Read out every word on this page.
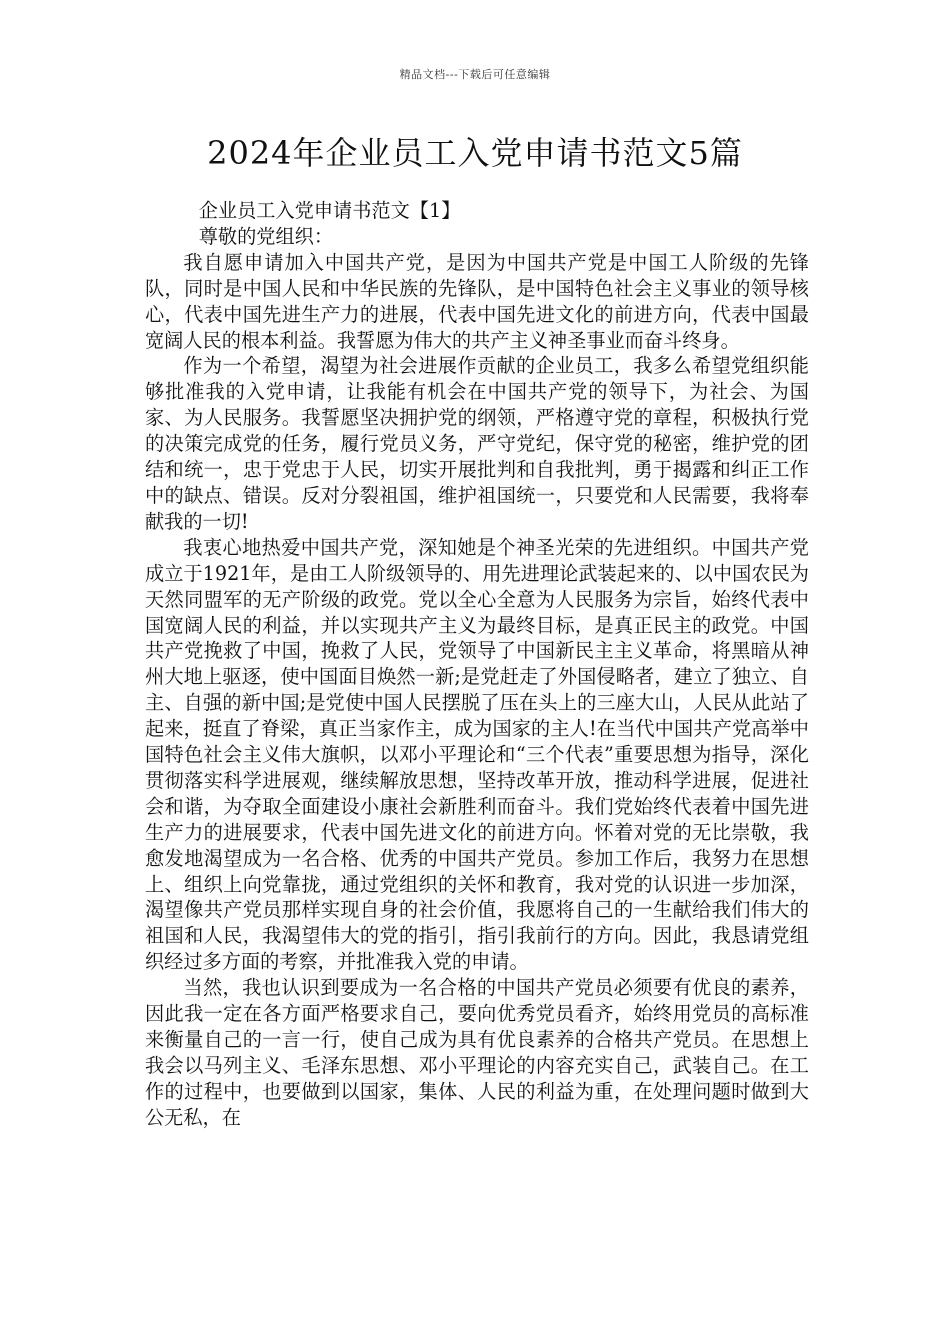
精品文档---下载后可任意编辑
2024年企业员工入党申请书范文5篇

企业员工入党申请书范文【1】

尊敬的党组织：

我自愿申请加入中国共产党，是因为中国共产党是中国工人阶级的先锋队，同时是中国人民和中华民族的先锋队，是中国特色社会主义事业的领导核心，代表中国先进生产力的进展，代表中国先进文化的前进方向，代表中国最宽阔人民的根本利益。我誓愿为伟大的共产主义神圣事业而奋斗终身。

作为一个希望，渴望为社会进展作贡献的企业员工，我多么希望党组织能够批准我的入党申请，让我能有机会在中国共产党的领导下，为社会、为国家、为人民服务。我誓愿坚决拥护党的纲领，严格遵守党的章程，积极执行党的决策完成党的任务，履行党员义务，严守党纪，保守党的秘密，维护党的团结和统一，忠于党忠于人民，切实开展批判和自我批判，勇于揭露和纠正工作中的缺点、错误。反对分裂祖国，维护祖国统一，只要党和人民需要，我将奉献我的一切!

我衷心地热爱中国共产党，深知她是个神圣光荣的先进组织。中国共产党成立于1921年，是由工人阶级领导的、用先进理论武装起来的、以中国农民为天然同盟军的无产阶级的政党。党以全心全意为人民服务为宗旨，始终代表中国宽阔人民的利益，并以实现共产主义为最终目标，是真正民主的政党。中国共产党挽救了中国，挽救了人民，党领导了中国新民主主义革命，将黑暗从神州大地上驱逐，使中国面目焕然一新;是党赶走了外国侵略者，建立了独立、自主、自强的新中国;是党使中国人民摆脱了压在头上的三座大山，人民从此站了起来，挺直了脊梁，真正当家作主，成为国家的主人!在当代中国共产党高举中国特色社会主义伟大旗帜，以邓小平理论和“三个代表”重要思想为指导，深化贯彻落实科学进展观，继续解放思想，坚持改革开放，推动科学进展，促进社会和谐，为夺取全面建设小康社会新胜利而奋斗。我们党始终代表着中国先进生产力的进展要求，代表中国先进文化的前进方向。怀着对党的无比崇敬，我愈发地渴望成为一名合格、优秀的中国共产党员。参加工作后，我努力在思想上、组织上向党靠拢，通过党组织的关怀和教育，我对党的认识进一步加深，渴望像共产党员那样实现自身的社会价值，我愿将自己的一生献给我们伟大的祖国和人民，我渴望伟大的党的指引，指引我前行的方向。因此，我恳请党组织经过多方面的考察，并批准我入党的申请。

当然，我也认识到要成为一名合格的中国共产党员必须要有优良的素养，因此我一定在各方面严格要求自己，要向优秀党员看齐，始终用党员的高标准来衡量自己的一言一行，使自己成为具有优良素养的合格共产党员。在思想上我会以马列主义、毛泽东思想、邓小平理论的内容充实自己，武装自己。在工作的过程中，也要做到以国家，集体、人民的利益为重，在处理问题时做到大公无私，在
